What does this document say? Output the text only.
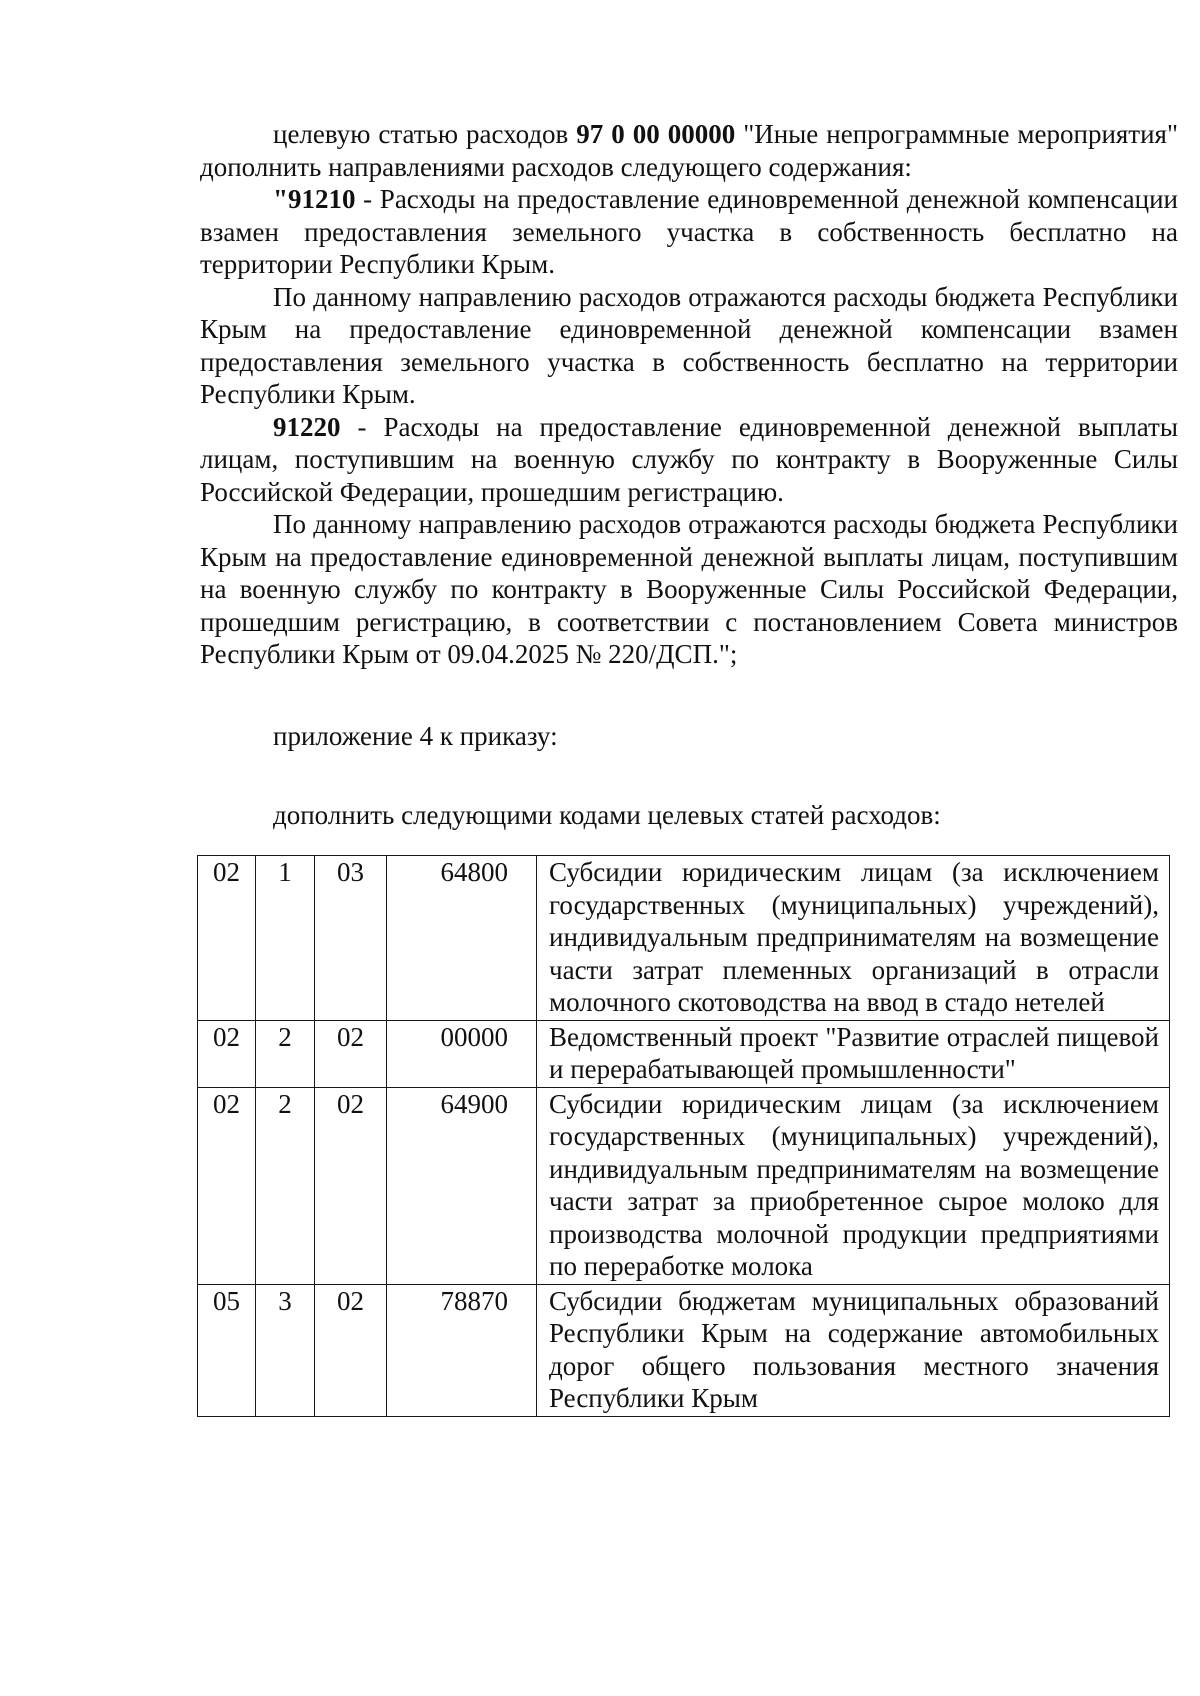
целевую статью расходов 97 0 00 00000 "Иные непрограммные мероприятия" дополнить направлениями расходов следующего содержания:

"91210 - Расходы на предоставление единовременной денежной компенсации взамен предоставления земельного участка в собственность бесплатно на территории Республики Крым.

По данному направлению расходов отражаются расходы бюджета Республики Крым на предоставление единовременной денежной компенсации взамен предоставления земельного участка в собственность бесплатно на территории Республики Крым.

91220 - Расходы на предоставление единовременной денежной выплаты лицам, поступившим на военную службу по контракту в Вооруженные Силы Российской Федерации, прошедшим регистрацию.

По данному направлению расходов отражаются расходы бюджета Республики Крым на предоставление единовременной денежной выплаты лицам, поступившим на военную службу по контракту в Вооруженные Силы Российской Федерации, прошедшим регистрацию, в соответствии с постановлением Совета министров Республики Крым от 09.04.2025 № 220/ДСП.";

приложение 4 к приказу:

дополнить следующими кодами целевых статей расходов:

02	1	03	64800	Субсидии юридическим лицам (за исключением государственных (муниципальных) учреждений), индивидуальным предпринимателям на возмещение части затрат племенных организаций в отрасли молочного скотоводства на ввод в стадо нетелей
02	2	02	00000	Ведомственный проект "Развитие отраслей пищевой и перерабатывающей промышленности"
02	2	02	64900	Субсидии юридическим лицам (за исключением государственных (муниципальных) учреждений), индивидуальным предпринимателям на возмещение части затрат за приобретенное сырое молоко для производства молочной продукции предприятиями по переработке молока
05	3	02	78870	Субсидии бюджетам муниципальных образований Республики Крым на содержание автомобильных дорог общего пользования местного значения Республики Крым
